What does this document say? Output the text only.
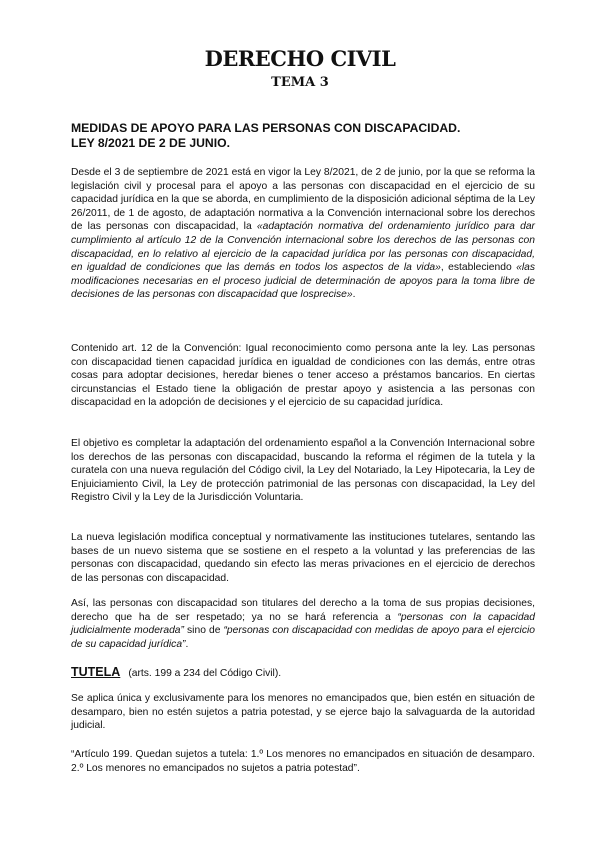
DERECHO CIVIL
TEMA 3
MEDIDAS DE APOYO PARA LAS PERSONAS CON DISCAPACIDAD.
LEY 8/2021 DE 2 DE JUNIO.

Desde el 3 de septiembre de 2021 está en vigor la Ley 8/2021, de 2 de junio, por la que se reforma la legislación civil y procesal para el apoyo a las personas con discapacidad en el ejercicio de su capacidad jurídica en la que se aborda, en cumplimiento de la disposición adicional séptima de la Ley 26/2011, de 1 de agosto, de adaptación normativa a la Convención internacional sobre los derechos de las personas con discapacidad, la «adaptación normativa del ordenamiento jurídico para dar cumplimiento al artículo 12 de la Convención internacional sobre los derechos de las personas con discapacidad, en lo relativo al ejercicio de la capacidad jurídica por las personas con discapacidad, en igualdad de condiciones que las demás en todos los aspectos de la vida», estableciendo «las modificaciones necesarias en el proceso judicial de determinación de apoyos para la toma libre de decisiones de las personas con discapacidad que losprecise».

Contenido art. 12 de la Convención: Igual reconocimiento como persona ante la ley. Las personas con discapacidad tienen capacidad jurídica en igualdad de condiciones con las demás, entre otras cosas para adoptar decisiones, heredar bienes o tener acceso a préstamos bancarios. En ciertas circunstancias el Estado tiene la obligación de prestar apoyo y asistencia a las personas con discapacidad en la adopción de decisiones y el ejercicio de su capacidad jurídica.

El objetivo es completar la adaptación del ordenamiento español a la Convención Internacional sobre los derechos de las personas con discapacidad, buscando la reforma el régimen de la tutela y la curatela con una nueva regulación del Código civil, la Ley del Notariado, la Ley Hipotecaria, la Ley de Enjuiciamiento Civil, la Ley de protección patrimonial de las personas con discapacidad, la Ley del Registro Civil y la Ley de la Jurisdicción Voluntaria.

La nueva legislación modifica conceptual y normativamente las instituciones tutelares, sentando las bases de un nuevo sistema que se sostiene en el respeto a la voluntad y las preferencias de las personas con discapacidad, quedando sin efecto las meras privaciones en el ejercicio de derechos de las personas con discapacidad.

Así, las personas con discapacidad son titulares del derecho a la toma de sus propias decisiones, derecho que ha de ser respetado; ya no se hará referencia a “personas con la capacidad judicialmente moderada” sino de “personas con discapacidad con medidas de apoyo para el ejercicio de su capacidad jurídica”.

TUTELA (arts. 199 a 234 del Código Civil).

Se aplica única y exclusivamente para los menores no emancipados que, bien estén en situación de desamparo, bien no estén sujetos a patria potestad, y se ejerce bajo la salvaguarda de la autoridad judicial.

“Artículo 199. Quedan sujetos a tutela: 1.º Los menores no emancipados en situación de desamparo. 2.º Los menores no emancipados no sujetos a patria potestad”.
